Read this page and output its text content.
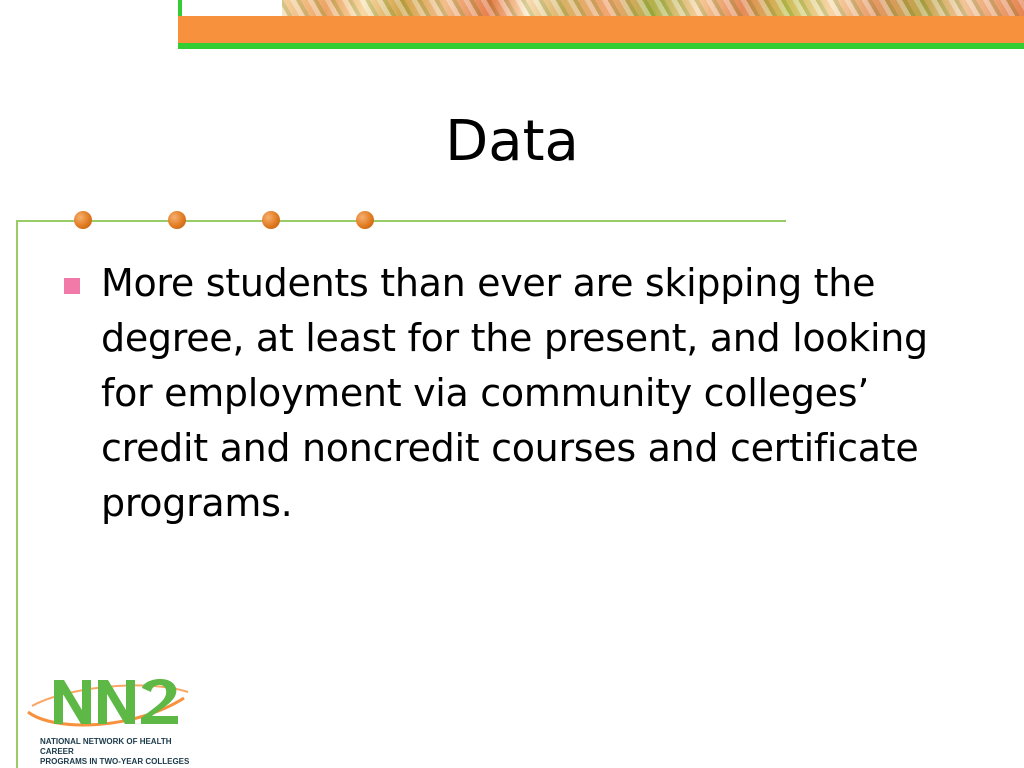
Data
More students than ever are skipping the degree, at least for the present, and looking for employment via community colleges’ credit and noncredit courses and certificate programs.
NATIONAL NETWORK OF HEALTH CAREER
PROGRAMS IN TWO-YEAR COLLEGES
